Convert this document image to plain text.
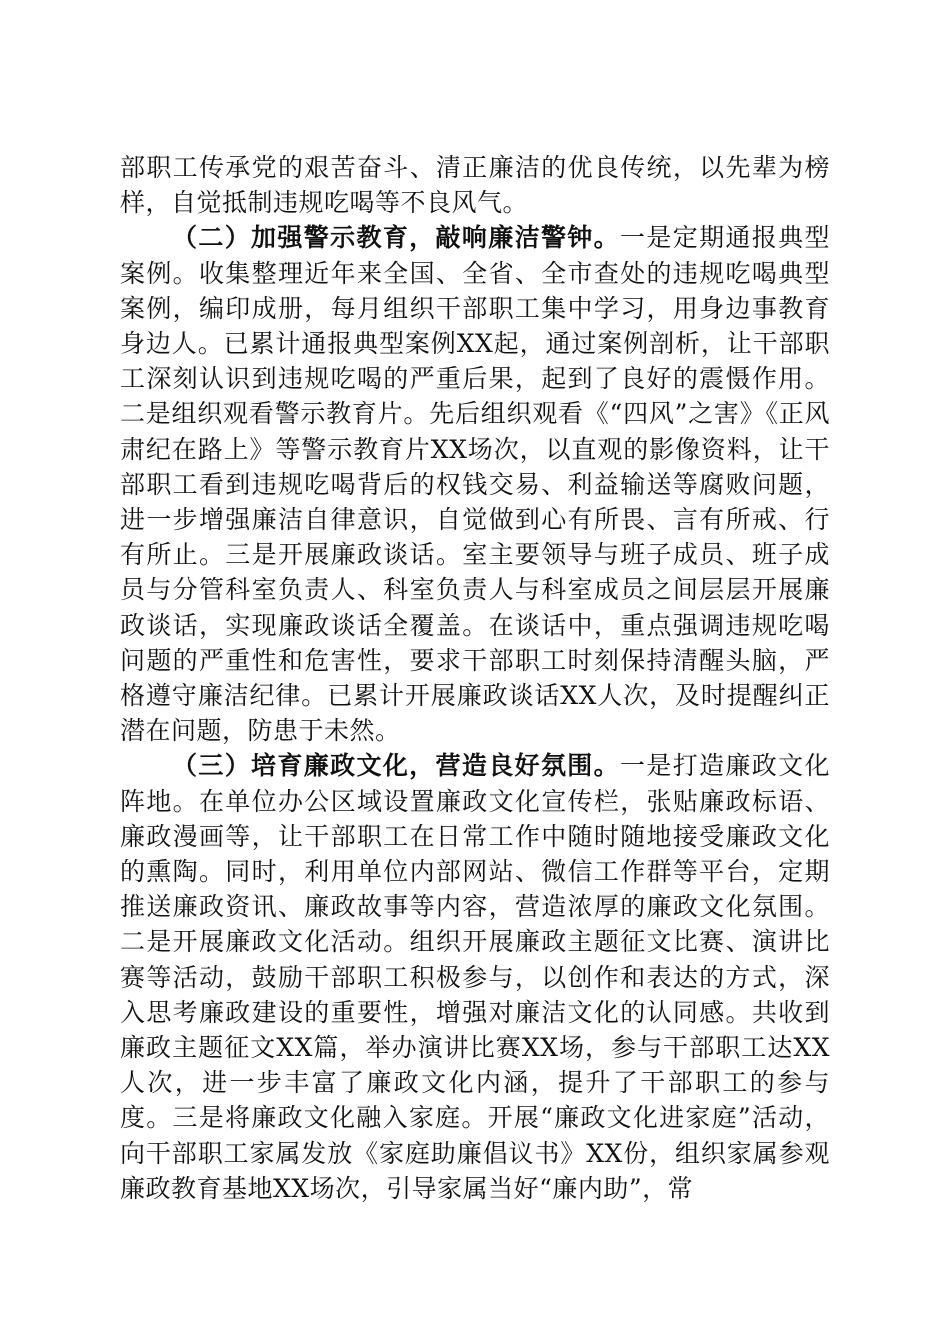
部职工传承党的艰苦奋斗、清正廉洁的优良传统，以先辈为榜样，自觉抵制违规吃喝等不良风气。

（二）加强警示教育，敲响廉洁警钟。一是定期通报典型案例。收集整理近年来全国、全省、全市查处的违规吃喝典型案例，编印成册，每月组织干部职工集中学习，用身边事教育身边人。已累计通报典型案例XX起，通过案例剖析，让干部职工深刻认识到违规吃喝的严重后果，起到了良好的震慑作用。二是组织观看警示教育片。先后组织观看《“四风”之害》《正风肃纪在路上》等警示教育片XX场次，以直观的影像资料，让干部职工看到违规吃喝背后的权钱交易、利益输送等腐败问题，进一步增强廉洁自律意识，自觉做到心有所畏、言有所戒、行有所止。三是开展廉政谈话。室主要领导与班子成员、班子成员与分管科室负责人、科室负责人与科室成员之间层层开展廉政谈话，实现廉政谈话全覆盖。在谈话中，重点强调违规吃喝问题的严重性和危害性，要求干部职工时刻保持清醒头脑，严格遵守廉洁纪律。已累计开展廉政谈话XX人次，及时提醒纠正潜在问题，防患于未然。

（三）培育廉政文化，营造良好氛围。一是打造廉政文化阵地。在单位办公区域设置廉政文化宣传栏，张贴廉政标语、廉政漫画等，让干部职工在日常工作中随时随地接受廉政文化的熏陶。同时，利用单位内部网站、微信工作群等平台，定期推送廉政资讯、廉政故事等内容，营造浓厚的廉政文化氛围。二是开展廉政文化活动。组织开展廉政主题征文比赛、演讲比赛等活动，鼓励干部职工积极参与，以创作和表达的方式，深入思考廉政建设的重要性，增强对廉洁文化的认同感。共收到廉政主题征文XX篇，举办演讲比赛XX场，参与干部职工达XX人次，进一步丰富了廉政文化内涵，提升了干部职工的参与度。三是将廉政文化融入家庭。开展“廉政文化进家庭”活动，向干部职工家属发放《家庭助廉倡议书》XX份，组织家属参观廉政教育基地XX场次，引导家属当好“廉内助”，常
